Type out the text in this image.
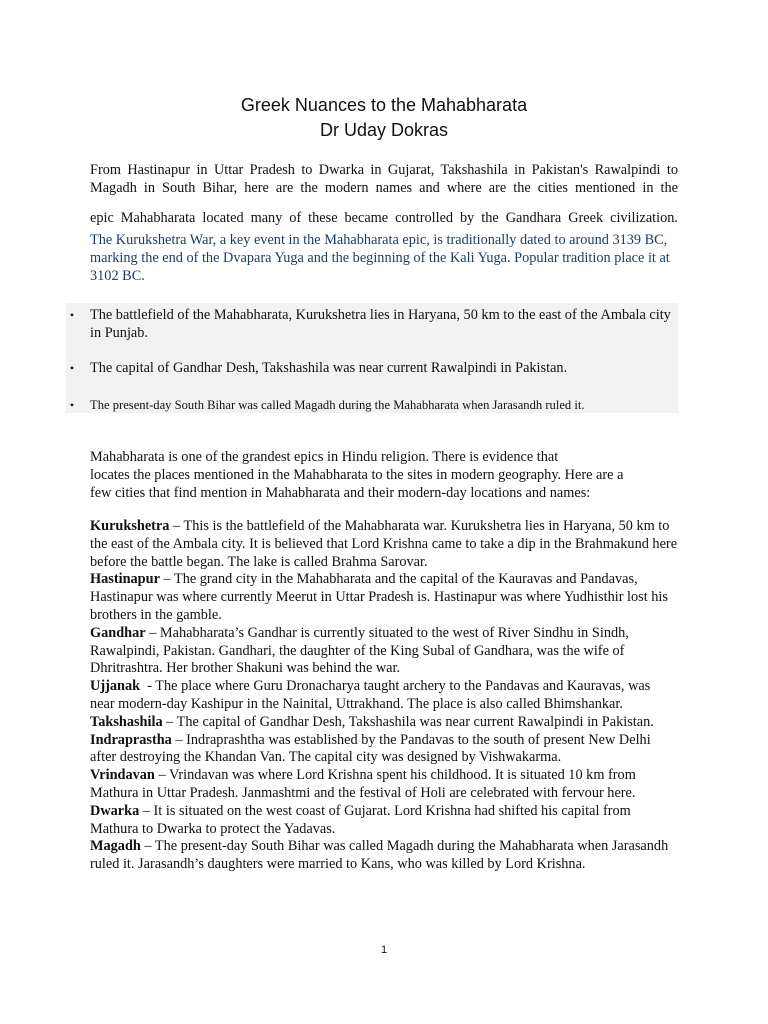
Greek Nuances to the Mahabharata

Dr Uday Dokras

From Hastinapur in Uttar Pradesh to Dwarka in Gujarat, Takshashila in Pakistan's Rawalpindi to
Magadh in South Bihar, here are the modern names and where are the cities mentioned in the

epic Mahabharata located many of these became controlled by the Gandhara Greek civilization.

The Kurukshetra War, a key event in the Mahabharata epic, is traditionally dated to around 3139 BC, marking the end of the Dvapara Yuga and the beginning of the Kali Yuga. Popular tradition place it at 3102 BC.

• The battlefield of the Mahabharata, Kurukshetra lies in Haryana, 50 km to the east of the Ambala city in Punjab.
• The capital of Gandhar Desh, Takshashila was near current Rawalpindi in Pakistan.
•	The present-day South Bihar was called Magadh during the Mahabharata when Jarasandh ruled it.

Mahabharata is one of the grandest epics in Hindu religion. There is evidence that
locates the places mentioned in the Mahabharata to the sites in modern geography. Here are a
few cities that find mention in Mahabharata and their modern-day locations and names:

Kurukshetra – This is the battlefield of the Mahabharata war. Kurukshetra lies in Haryana, 50 km to the east of the Ambala city. It is believed that Lord Krishna came to take a dip in the Brahmakund here before the battle began. The lake is called Brahma Sarovar.

Hastinapur – The grand city in the Mahabharata and the capital of the Kauravas and Pandavas, Hastinapur was where currently Meerut in Uttar Pradesh is. Hastinapur was where Yudhisthir lost his brothers in the gamble.

Gandhar – Mahabharata’s Gandhar is currently situated to the west of River Sindhu in Sindh, Rawalpindi, Pakistan. Gandhari, the daughter of the King Subal of Gandhara, was the wife of Dhritrashtra. Her brother Shakuni was behind the war.

Ujjanak  - The place where Guru Dronacharya taught archery to the Pandavas and Kauravas, was near modern-day Kashipur in the Nainital, Uttrakhand. The place is also called Bhimshankar.

Takshashila – The capital of Gandhar Desh, Takshashila was near current Rawalpindi in Pakistan.

Indraprastha – Indraprashtha was established by the Pandavas to the south of present New Delhi after destroying the Khandan Van. The capital city was designed by Vishwakarma.

Vrindavan – Vrindavan was where Lord Krishna spent his childhood. It is situated 10 km from Mathura in Uttar Pradesh. Janmashtmi and the festival of Holi are celebrated with fervour here.

Dwarka – It is situated on the west coast of Gujarat. Lord Krishna had shifted his capital from Mathura to Dwarka to protect the Yadavas.

Magadh – The present-day South Bihar was called Magadh during the Mahabharata when Jarasandh ruled it. Jarasandh’s daughters were married to Kans, who was killed by Lord Krishna.

1
